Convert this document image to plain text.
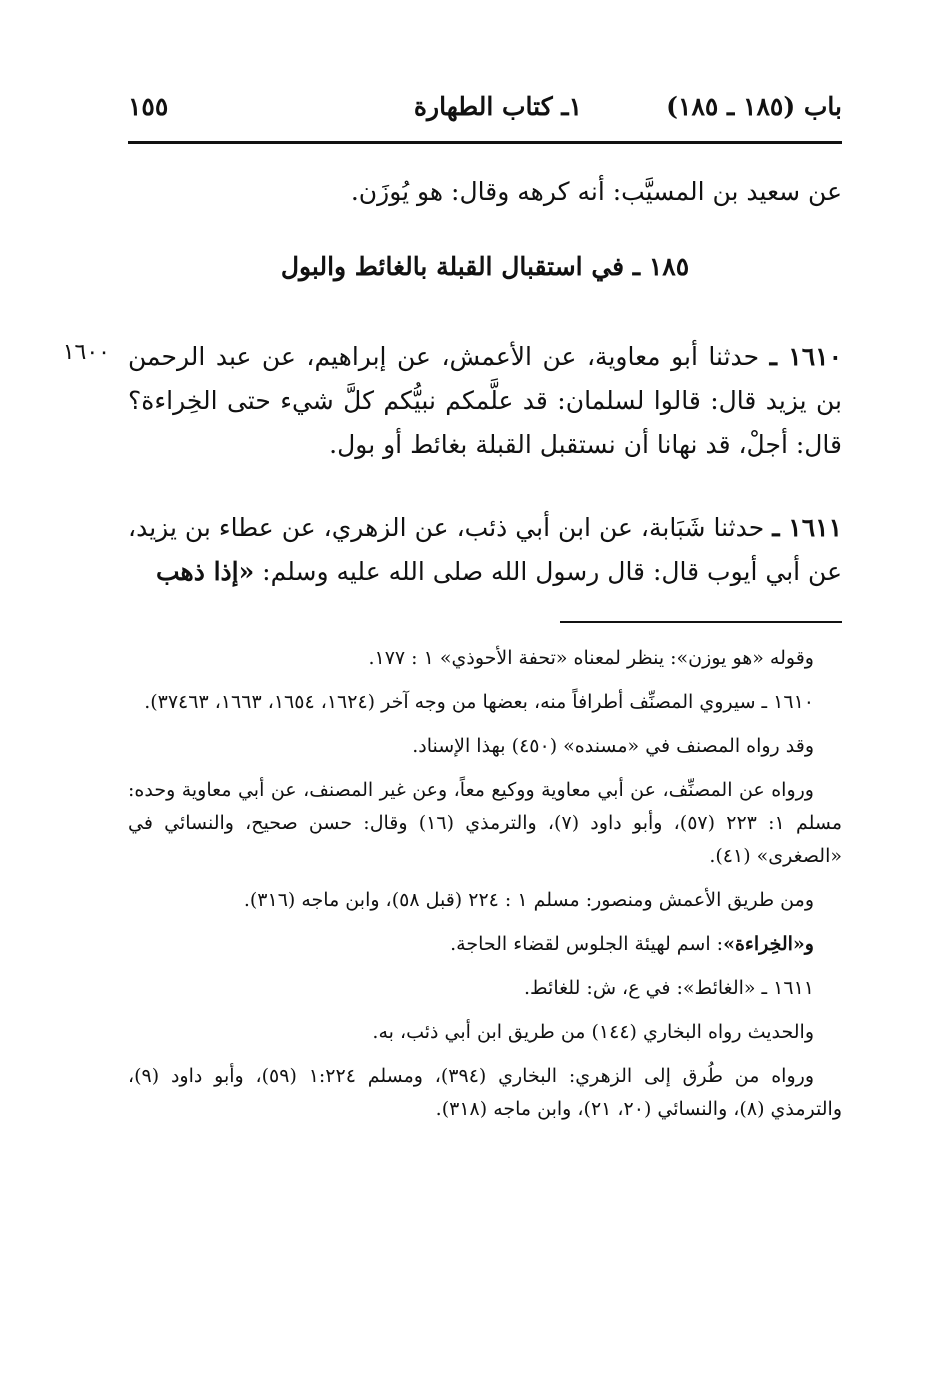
باب (١٨٥ ـ ١٨٥)
١ـ كتاب الطهارة
١٥٥
عن سعيد بن المسيَّب: أنه كرهه وقال: هو يُوزَن.
١٨٥ ـ في استقبال القبلة بالغائط والبول
١٦٠٠	١٦١٠ ـ حدثنا أبو معاوية، عن الأعمش، عن إبراهيم، عن عبد الرحمن بن يزيد قال: قالوا لسلمان: قد علَّمكم نبيُّكم كلَّ شيء حتى الخِراءة؟ قال: أجلْ، قد نهانا أن نستقبل القبلة بغائط أو بول.
١٦١١ ـ حدثنا شَبَابة، عن ابن أبي ذئب، عن الزهري، عن عطاء بن يزيد، عن أبي أيوب قال: قال رسول الله صلى الله عليه وسلم: «إذا ذهب

وقوله «هو يوزن»: ينظر لمعناه «تحفة الأحوذي» ١ : ١٧٧.

١٦١٠ ـ سيروي المصنِّف أطرافاً منه، بعضها من وجه آخر (١٦٢٤، ١٦٥٤، ١٦٦٣، ٣٧٤٦٣).

وقد رواه المصنف في «مسنده» (٤٥٠) بهذا الإسناد.

ورواه عن المصنِّف، عن أبي معاوية ووكيع معاً، وعن غير المصنف، عن أبي معاوية وحده: مسلم ١: ٢٢٣ (٥٧)، وأبو داود (٧)، والترمذي (١٦) وقال: حسن صحيح، والنسائي في «الصغرى» (٤١).

ومن طريق الأعمش ومنصور: مسلم ١ : ٢٢٤ (قبل ٥٨)، وابن ماجه (٣١٦).

و«الخِراءة»: اسم لهيئة الجلوس لقضاء الحاجة.

١٦١١ ـ «الغائط»: في ع، ش: للغائط.

والحديث رواه البخاري (١٤٤) من طريق ابن أبي ذئب، به.

ورواه من طُرق إلى الزهري: البخاري (٣٩٤)، ومسلم ١:٢٢٤ (٥٩)، وأبو داود (٩)، والترمذي (٨)، والنسائي (٢٠، ٢١)، وابن ماجه (٣١٨).
